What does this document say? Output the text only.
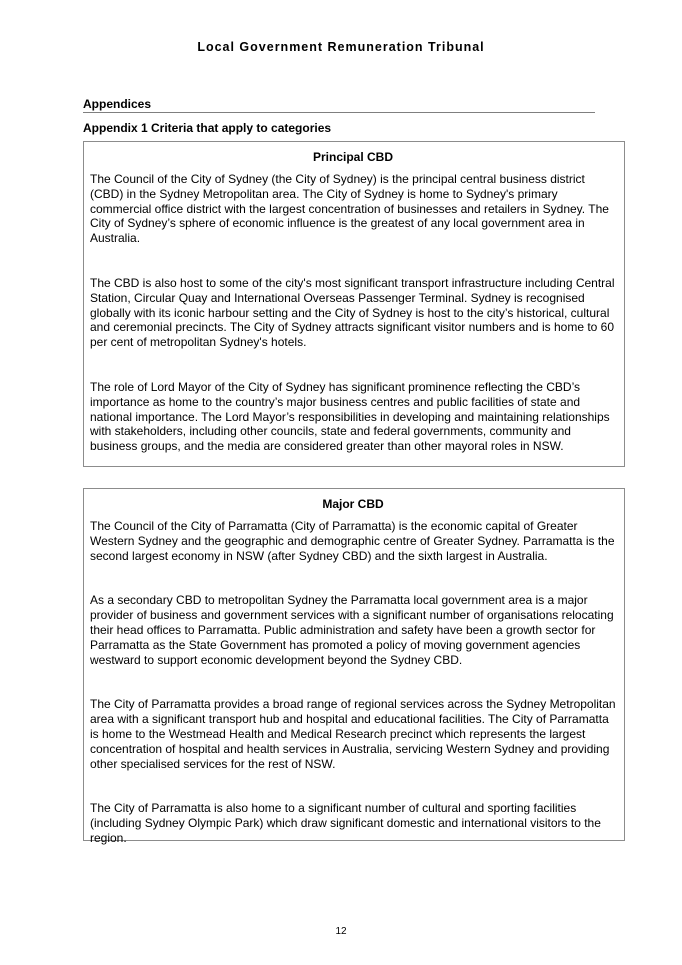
Local Government Remuneration Tribunal
Appendices
Appendix 1 Criteria that apply to categories
Principal CBD

The Council of the City of Sydney (the City of Sydney) is the principal central business district (CBD) in the Sydney Metropolitan area. The City of Sydney is home to Sydney's primary commercial office district with the largest concentration of businesses and retailers in Sydney. The City of Sydney’s sphere of economic influence is the greatest of any local government area in Australia.

The CBD is also host to some of the city's most significant transport infrastructure including Central Station, Circular Quay and International Overseas Passenger Terminal. Sydney is recognised globally with its iconic harbour setting and the City of Sydney is host to the city’s historical, cultural and ceremonial precincts. The City of Sydney attracts significant visitor numbers and is home to 60 per cent of metropolitan Sydney's hotels.

The role of Lord Mayor of the City of Sydney has significant prominence reflecting the CBD’s importance as home to the country’s major business centres and public facilities of state and national importance. The Lord Mayor’s responsibilities in developing and maintaining relationships with stakeholders, including other councils, state and federal governments, community and business groups, and the media are considered greater than other mayoral roles in NSW.

Major CBD

The Council of the City of Parramatta (City of Parramatta) is the economic capital of Greater Western Sydney and the geographic and demographic centre of Greater Sydney. Parramatta is the second largest economy in NSW (after Sydney CBD) and the sixth largest in Australia.

As a secondary CBD to metropolitan Sydney the Parramatta local government area is a major provider of business and government services with a significant number of organisations relocating their head offices to Parramatta. Public administration and safety have been a growth sector for Parramatta as the State Government has promoted a policy of moving government agencies westward to support economic development beyond the Sydney CBD.

The City of Parramatta provides a broad range of regional services across the Sydney Metropolitan area with a significant transport hub and hospital and educational facilities. The City of Parramatta is home to the Westmead Health and Medical Research precinct which represents the largest concentration of hospital and health services in Australia, servicing Western Sydney and providing other specialised services for the rest of NSW.

The City of Parramatta is also home to a significant number of cultural and sporting facilities (including Sydney Olympic Park) which draw significant domestic and international visitors to the region.

12
